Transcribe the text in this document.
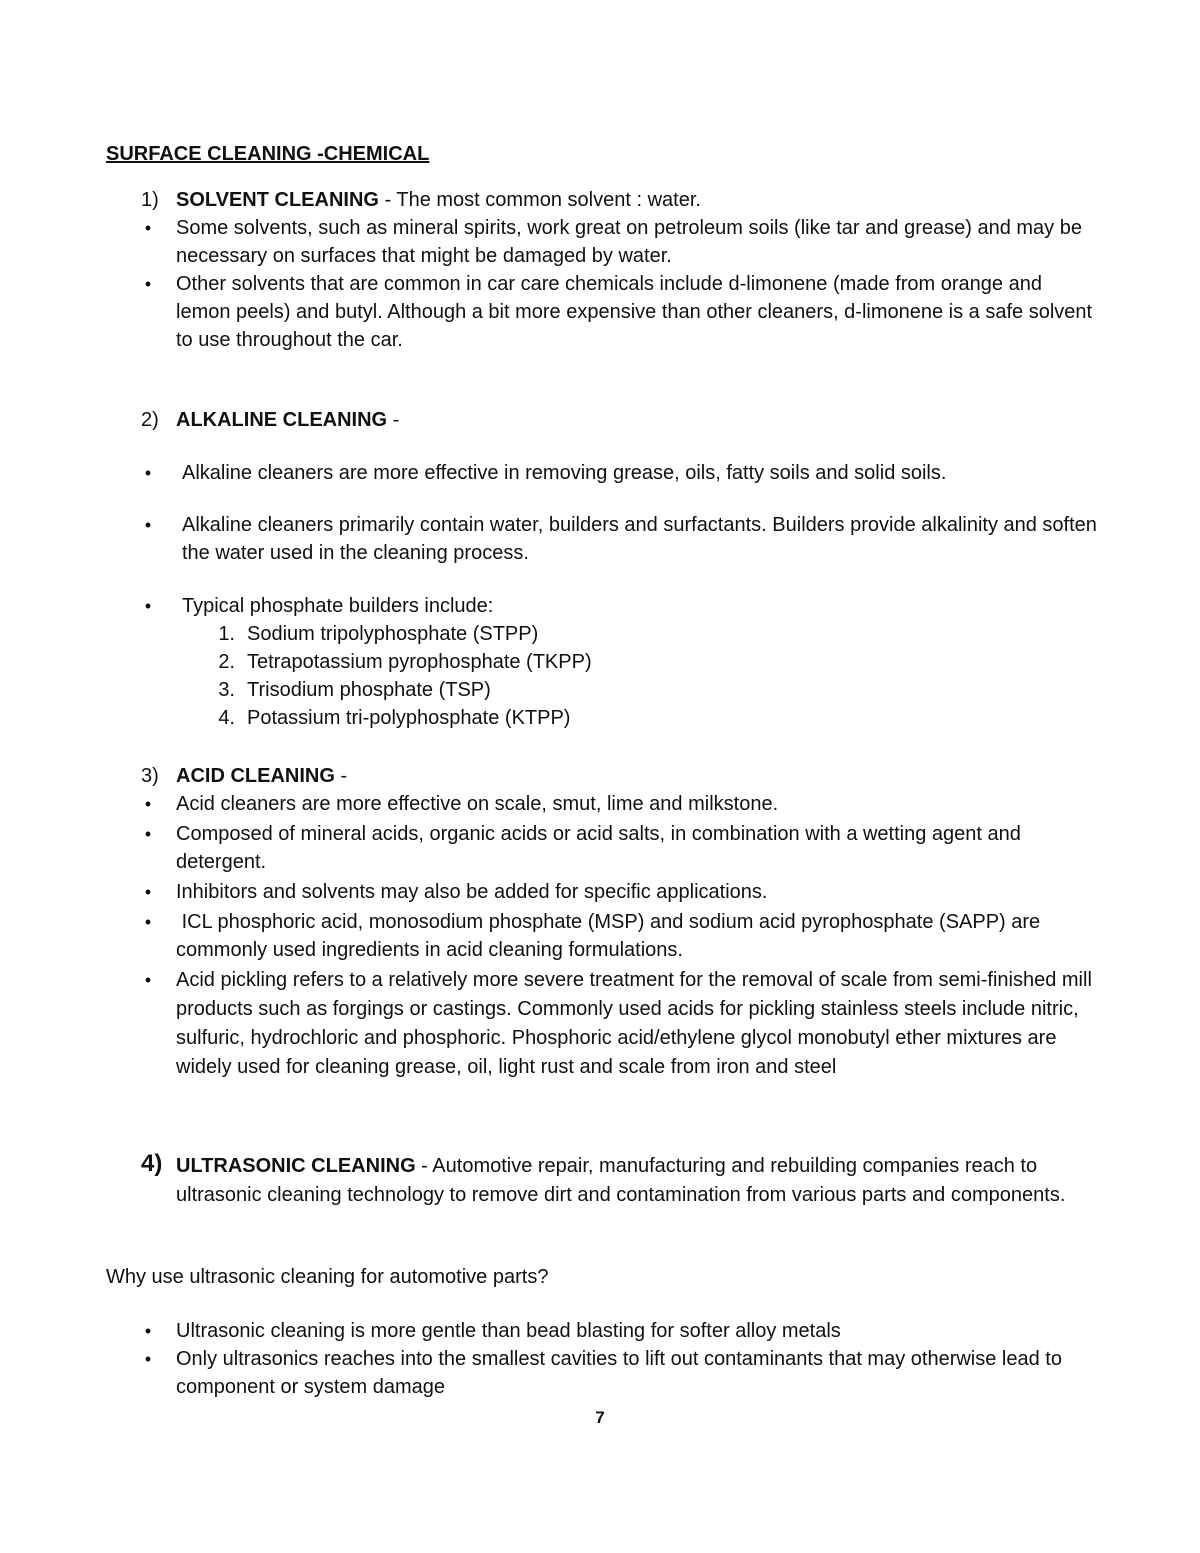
SURFACE CLEANING -CHEMICAL
1) SOLVENT CLEANING - The most common solvent : water.
• Some solvents, such as mineral spirits, work great on petroleum soils (like tar and grease) and may be necessary on surfaces that might be damaged by water.
• Other solvents that are common in car care chemicals include d-limonene (made from orange and lemon peels) and butyl. Although a bit more expensive than other cleaners, d-limonene is a safe solvent to use throughout the car.
2) ALKALINE CLEANING -
• Alkaline cleaners are more effective in removing grease, oils, fatty soils and solid soils.
• Alkaline cleaners primarily contain water, builders and surfactants. Builders provide alkalinity and soften the water used in the cleaning process.
• Typical phosphate builders include:
1. Sodium tripolyphosphate (STPP)
2. Tetrapotassium pyrophosphate (TKPP)
3. Trisodium phosphate (TSP)
4. Potassium tri-polyphosphate (KTPP)
3) ACID CLEANING -
• Acid cleaners are more effective on scale, smut, lime and milkstone.
• Composed of mineral acids, organic acids or acid salts, in combination with a wetting agent and detergent.
• Inhibitors and solvents may also be added for specific applications.
• ICL phosphoric acid, monosodium phosphate (MSP) and sodium acid pyrophosphate (SAPP) are commonly used ingredients in acid cleaning formulations.
• Acid pickling refers to a relatively more severe treatment for the removal of scale from semi-finished mill products such as forgings or castings. Commonly used acids for pickling stainless steels include nitric, sulfuric, hydrochloric and phosphoric. Phosphoric acid/ethylene glycol monobutyl ether mixtures are widely used for cleaning grease, oil, light rust and scale from iron and steel
4) ULTRASONIC CLEANING - Automotive repair, manufacturing and rebuilding companies reach to ultrasonic cleaning technology to remove dirt and contamination from various parts and components.
Why use ultrasonic cleaning for automotive parts?
• Ultrasonic cleaning is more gentle than bead blasting for softer alloy metals
• Only ultrasonics reaches into the smallest cavities to lift out contaminants that may otherwise lead to component or system damage
7
